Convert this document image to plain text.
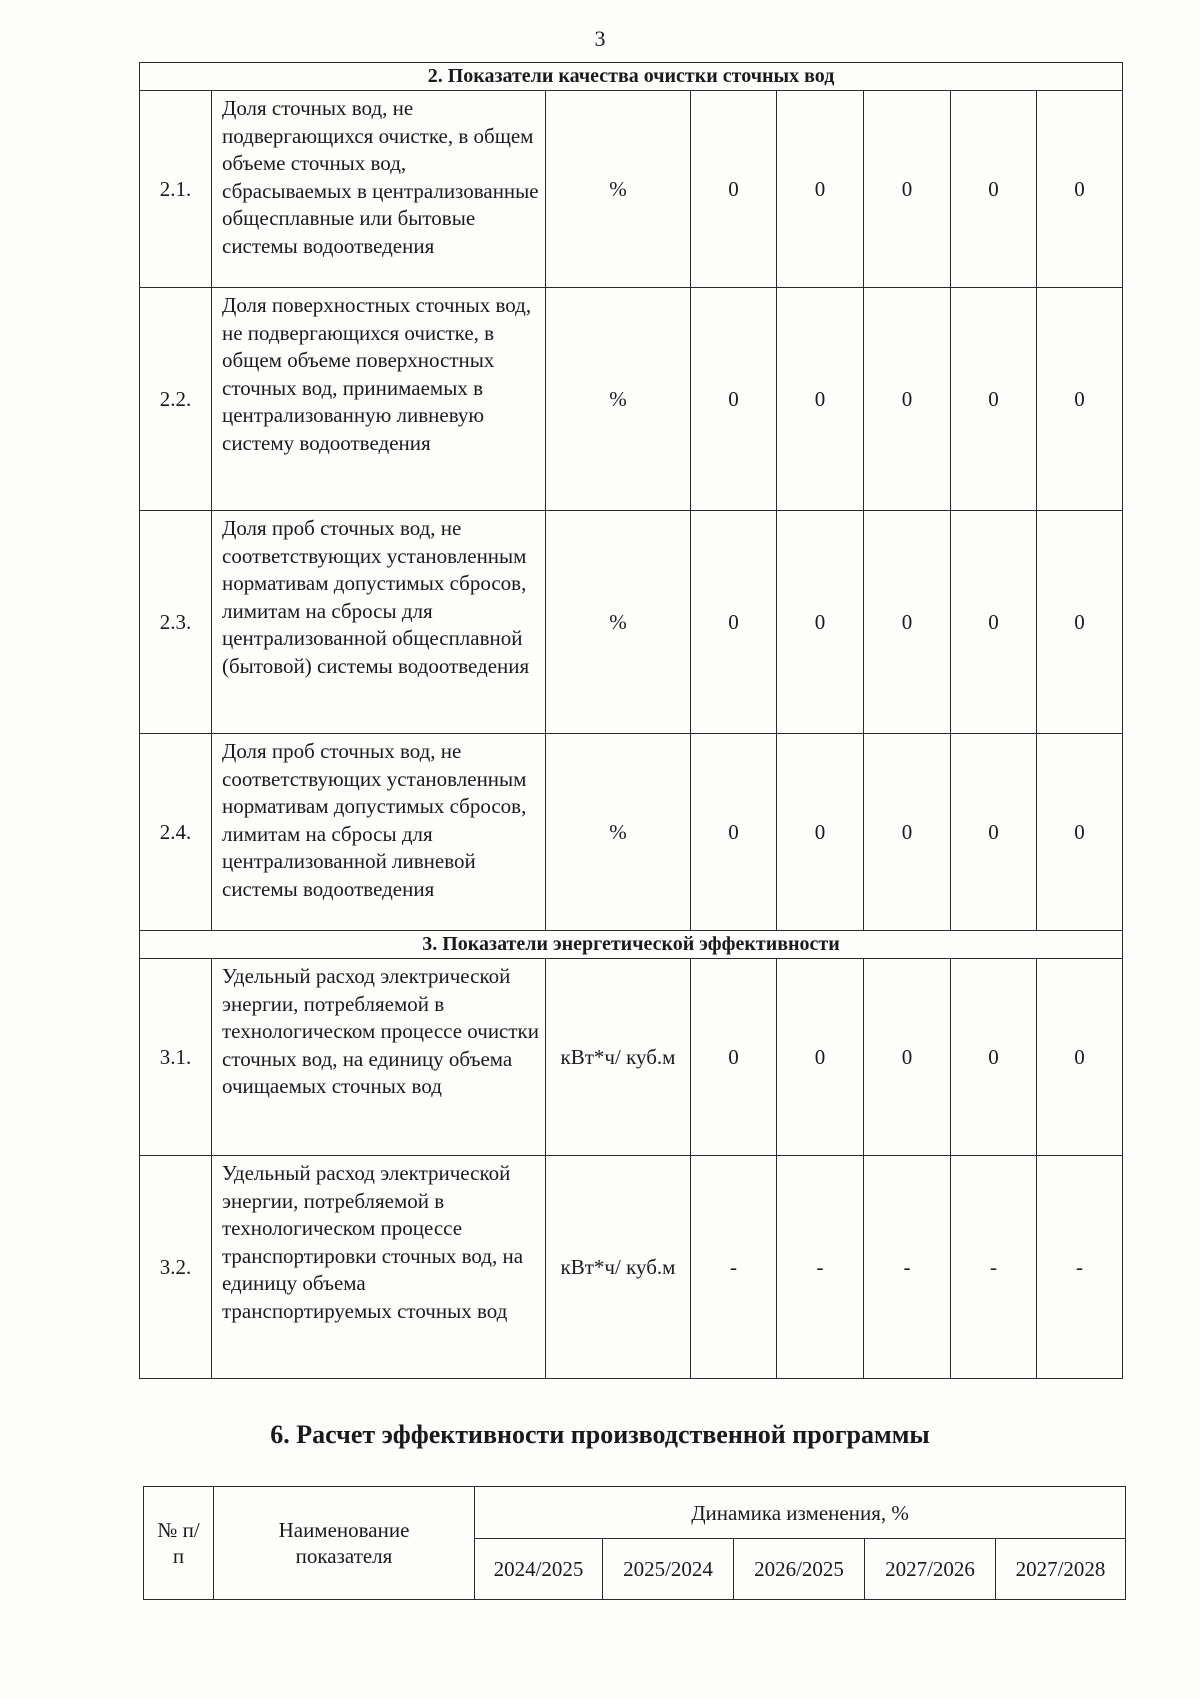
3
2. Показатели качества очистки сточных вод							
2.1.	Доля сточных вод, не подвергающихся очистке, в общем объеме сточных вод, сбрасываемых в централизованные общесплавные или бытовые системы водоотведения	%	0	0	0	0	0
2.2.	Доля поверхностных сточных вод, не подвергающихся очистке, в общем объеме поверхностных сточных вод, принимаемых в централизованную ливневую систему водоотведения	%	0	0	0	0	0
2.3.	Доля проб сточных вод, не соответствующих установленным нормативам допустимых сбросов, лимитам на сбросы для централизованной общесплавной (бытовой) системы водоотведения	%	0	0	0	0	0
2.4.	Доля проб сточных вод, не соответствующих установленным нормативам допустимых сбросов, лимитам на сбросы для централизованной ливневой системы водоотведения	%	0	0	0	0	0
3. Показатели энергетической эффективности							
3.1.	Удельный расход электрической энергии, потребляемой в технологическом процессе очистки сточных вод, на единицу объема очищаемых сточных вод	кВт*ч/ куб.м	0	0	0	0	0
3.2.	Удельный расход электрической энергии, потребляемой в технологическом процессе транспортировки сточных вод, на единицу объема транспортируемых сточных вод	кВт*ч/ куб.м	-	-	-	-	-
6. Расчет эффективности производственной программы
№ п/п	Наименование показателя	Динамика изменения, %				
		2024/2025	2025/2024	2026/2025	2027/2026	2027/2028
